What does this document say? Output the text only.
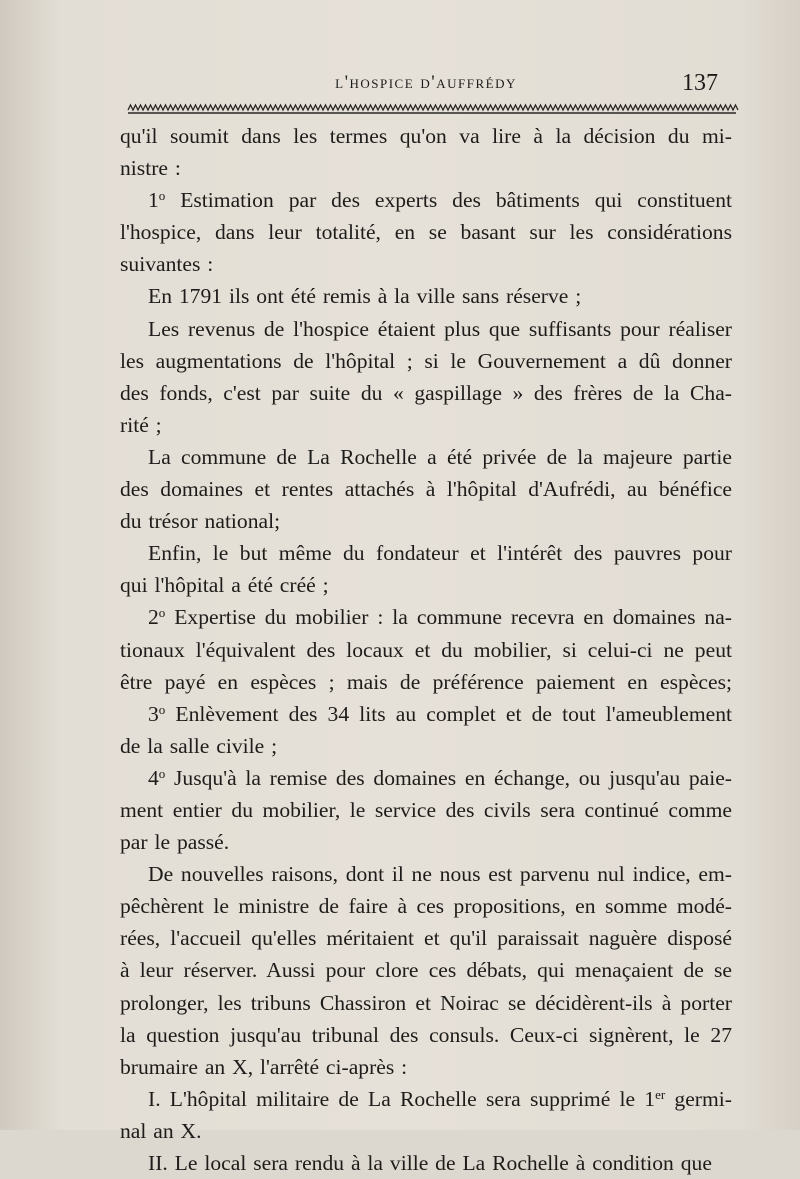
l'hospice d'auffrédy	137
qu'il soumit dans les termes qu'on va lire à la décision du mi-
nistre :
1$^o$ Estimation par des experts des bâtiments qui constituent
l'hospice, dans leur totalité, en se basant sur les considérations
suivantes :
En 1791 ils ont été remis à la ville sans réserve ;
Les revenus de l'hospice étaient plus que suffisants pour réaliser
les augmentations de l'hôpital ; si le Gouvernement a dû donner
des fonds, c'est par suite du « gaspillage » des frères de la Cha-
rité ;
La commune de La Rochelle a été privée de la majeure partie
des domaines et rentes attachés à l'hôpital d'Aufrédi, au bénéfice
du trésor national;
Enfin, le but même du fondateur et l'intérêt des pauvres pour
qui l'hôpital a été créé ;
2$^o$ Expertise du mobilier : la commune recevra en domaines na-
tionaux l'équivalent des locaux et du mobilier, si celui-ci ne peut
être payé en espèces ; mais de préférence paiement en espèces;
3$^o$ Enlèvement des 34 lits au complet et de tout l'ameublement
de la salle civile ;
4$^o$ Jusqu'à la remise des domaines en échange, ou jusqu'au paie-
ment entier du mobilier, le service des civils sera continué comme
par le passé.
De nouvelles raisons, dont il ne nous est parvenu nul indice, em-
pêchèrent le ministre de faire à ces propositions, en somme modé-
rées, l'accueil qu'elles méritaient et qu'il paraissait naguère disposé
à leur réserver. Aussi pour clore ces débats, qui menaçaient de se
prolonger, les tribuns Chassiron et Noirac se décidèrent-ils à porter
la question jusqu'au tribunal des consuls. Ceux-ci signèrent, le 27
brumaire an X, l'arrêté ci-après :
I. L'hôpital militaire de La Rochelle sera supprimé le 1er germi-
nal an X.
II. Le local sera rendu à la ville de La Rochelle à condition que
